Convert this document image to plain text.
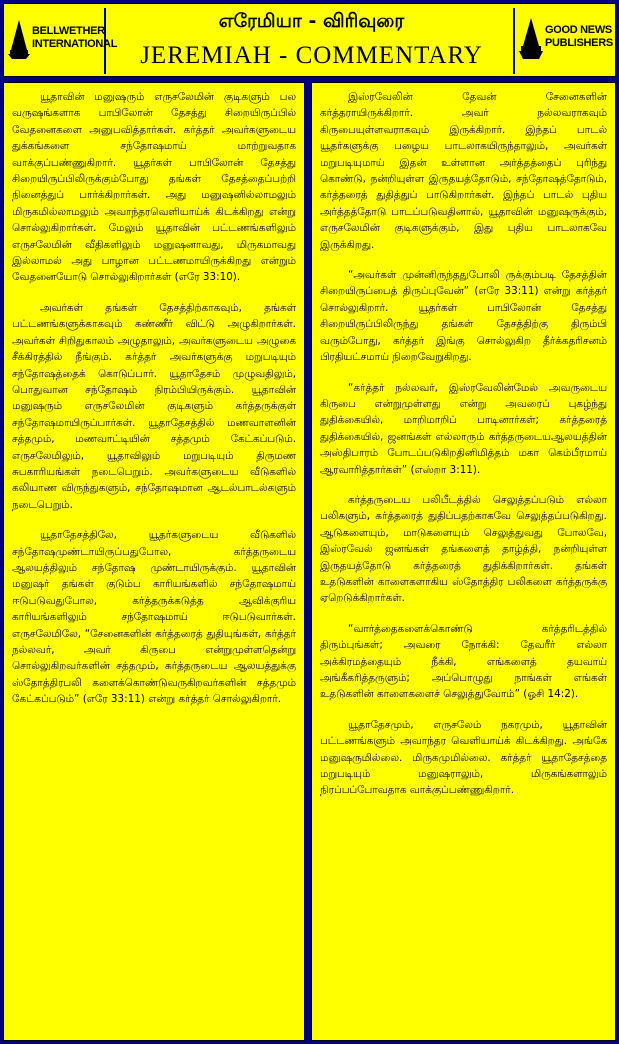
BELLWETHER
INTERNATIONAL
எரேமியா - விரிவுரை
JEREMIAH - COMMENTARY
GOOD NEWS
PUBLISHERS

யூதாவின் மனுஷரும் எருசலேமின் குடிகளும் பல வருஷங்களாக பாபிலோன் தேசத்து சிறையிருப்பில் வேதனைகளை அனுபவித்தார்கள். கர்த்தர் அவர்களுடைய துக்கங்களை சந்தோஷமாய் மாற்றுவதாக வாக்குப்பண்ணுகிறார். யூதர்கள் பாபிலோன் தேசத்து சிறையிருப்பிலிருக்கும்போது தங்கள் தேசத்தைப்பற்றி நினைத்துப் பார்க்கிறார்கள். அது மனுஷனில்லாமலும் மிருகமில்லாமலும் அவாந்தரவெளியாய்க் கிடக்கிறது என்று சொல்லுகிறார்கள். மேலும் யூதாவின் பட்டணங்களிலும் எருசலேமின் வீதிகளிலும் மனுஷனாவது, மிருகமாவது இல்லாமல் அது பாழான பட்டணமாயிருக்கிறது என்றும் வேதனையோடு சொல்லுகிறார்கள் (எரே 33:10).

அவர்கள் தங்கள் தேசத்திற்காகவும், தங்கள் பட்டணங்களுக்காகவும் கண்ணீர் விட்டு அழுகிறார்கள். அவர்கள் சிறிதுகாலம் அழுதாலும், அவர்களுடைய அழுகை சீக்கிரத்தில் நீங்கும். கர்த்தர் அவர்களுக்கு மறுபடியும் சந்தோஷத்தைக் கொடுப்பார். யூதாதேசம் முழுவதிலும், பொதுவான சந்தோஷம் நிரம்பியிருக்கும். யூதாவின் மனுஷரும் எருசலேமின் குடிகளும் கர்த்தருக்குள் சந்தோஷமாயிருப்பார்கள். யூதாதேசத்தில் மணவாளனின் சத்தமும், மணவாட்டியின் சத்தமும் கேட்கப்படும். எருசலேமிலும், யூதாவிலும் மறுபடியும் திருமண சுபகாரியங்கள் நடைபெறும். அவர்களுடைய வீடுகளில் கலியாண விருந்துகளும், சந்தோஷமான ஆடல்பாடல்களும் நடைபெறும்.

யூதாதேசத்திலே, யூதர்களுடைய வீடுகளில் சந்தோஷமுண்டாயிருப்பதுபோல, கர்த்தருடைய ஆலயத்திலும் சந்தோஷ முண்டாயிருக்கும். யூதாவின் மனுஷர் தங்கள் குடும்ப காரியங்களில் சந்தோஷமாய் ஈடுபடுவதுபோல, கர்த்தருக்கடுத்த ஆவிக்குரிய காரியங்களிலும் சந்தோஷமாய் ஈடுபடுவார்கள். எருசலேமிலே, “சேனைகளின் கர்த்தரைத் துதியுங்கள், கர்த்தர் நல்லவர், அவர் கிருபை என்றுமுள்ளதென்று சொல்லுகிறவர்களின் சத்தமும், கர்த்தருடைய ஆலயத்துக்கு ஸ்தோத்திரபலி களைக்கொண்டுவருகிறவர்களின் சத்தமும் கேட்கப்படும்” (எரே 33:11) என்று கர்த்தர் சொல்லுகிறார்.

இஸ்ரவேலின் தேவன் சேனைகளின் கர்த்தராயிருக்கிறார். அவர் நல்லவராகவும் கிருபையுள்ளவராகவும் இருக்கிறார். இந்தப் பாடல் யூதர்களுக்கு பழைய பாடலாகயிருந்தாலும், அவர்கள் மறுபடியுமாய் இதன் உள்ளான அர்த்தத்தைப் புரிந்து கொண்டு, நன்றியுள்ள இருதயத்தோடும், சந்தோஷத்தோடும், கர்த்தரைத் துதித்துப் பாடுகிறார்கள். இந்தப் பாடல் புதிய அர்த்தத்தோடு பாடப்படுவதினால், யூதாவின் மனுஷருக்கும், எருசலேமின் குடிகளுக்கும், இது புதிய பாடலாகவே இருக்கிறது.

“அவர்கள் முன்னிருந்ததுபோலி ருக்கும்படி தேசத்தின் சிறையிருப்பைத் திருப்புவேன்” (எரே 33:11) என்று கர்த்தர் சொல்லுகிறார். யூதர்கள் பாபிலோன் தேசத்து சிறையிருப்பிலிருந்து தங்கள் தேசத்திற்கு திரும்பி வரும்போது, கர்த்தர் இங்கு சொல்லுகிற தீர்க்கதரிசனம் பிரதியட்சமாய் நிறைவேறுகிறது.

“கர்த்தர் நல்லவர், இஸ்ரவேலின்மேல் அவருடைய கிருபை என்றுமுள்ளது என்று அவரைப் புகழ்ந்து துதிக்கையில், மாறிமாறிப் பாடினார்கள்; கர்த்தரைத் துதிக்கையில், ஜனங்கள் எல்லாரும் கர்த்தருடையஆலயத்தின் அஸ்திபாரம் போடப்படுகிறதினிமித்தம் மகா கெம்பீரமாய் ஆரவாரித்தார்கள்” (எஸ்றா 3:11).

கர்த்தருடைய பலிபீடத்தில் செலுத்தப்படும் எல்லா பலிகளும், கர்த்தரைத் துதிப்பதற்காகவே செலுத்தப்படுகிறது. ஆடுகளையும், மாடுகளையும் செலுத்துவது போலவே, இஸ்ரவேல் ஜனங்கள் தங்களைத் தாழ்த்தி, நன்றியுள்ள இருதயத்தோடு கர்த்தரைத் துதிக்கிறார்கள். தங்கள் உதடுகளின் காளைகளாகிய ஸ்தோத்திர பலிகளை கர்த்தருக்கு ஏறெடுக்கிறார்கள்.

“வார்த்தைகளைக்கொண்டு கர்த்தரிடத்தில் திரும்புங்கள்; அவரை நோக்கி: தேவரீர் எல்லா அக்கிரமத்தையும் நீக்கி, எங்களைத் தயவாய் அங்கீகரித்தருளும்; அப்பொழுது நாங்கள் எங்கள் உதடுகளின் காளைகளைச் செலுத்துவோம்” (ஓசி 14:2).

யூதாதேசமும், எருசலேம் நகரமும், யூதாவின் பட்டணங்களும் அவாந்தர வெளியாய்க் கிடக்கிறது. அங்கே மனுஷருமில்லை. மிருகமுமில்லை. கர்த்தர் யூதாதேசத்தை மறுபடியும் மனுஷராலும், மிருகங்களாலும் நிரப்பப்போவதாக வாக்குப்பண்ணுகிறார்.
